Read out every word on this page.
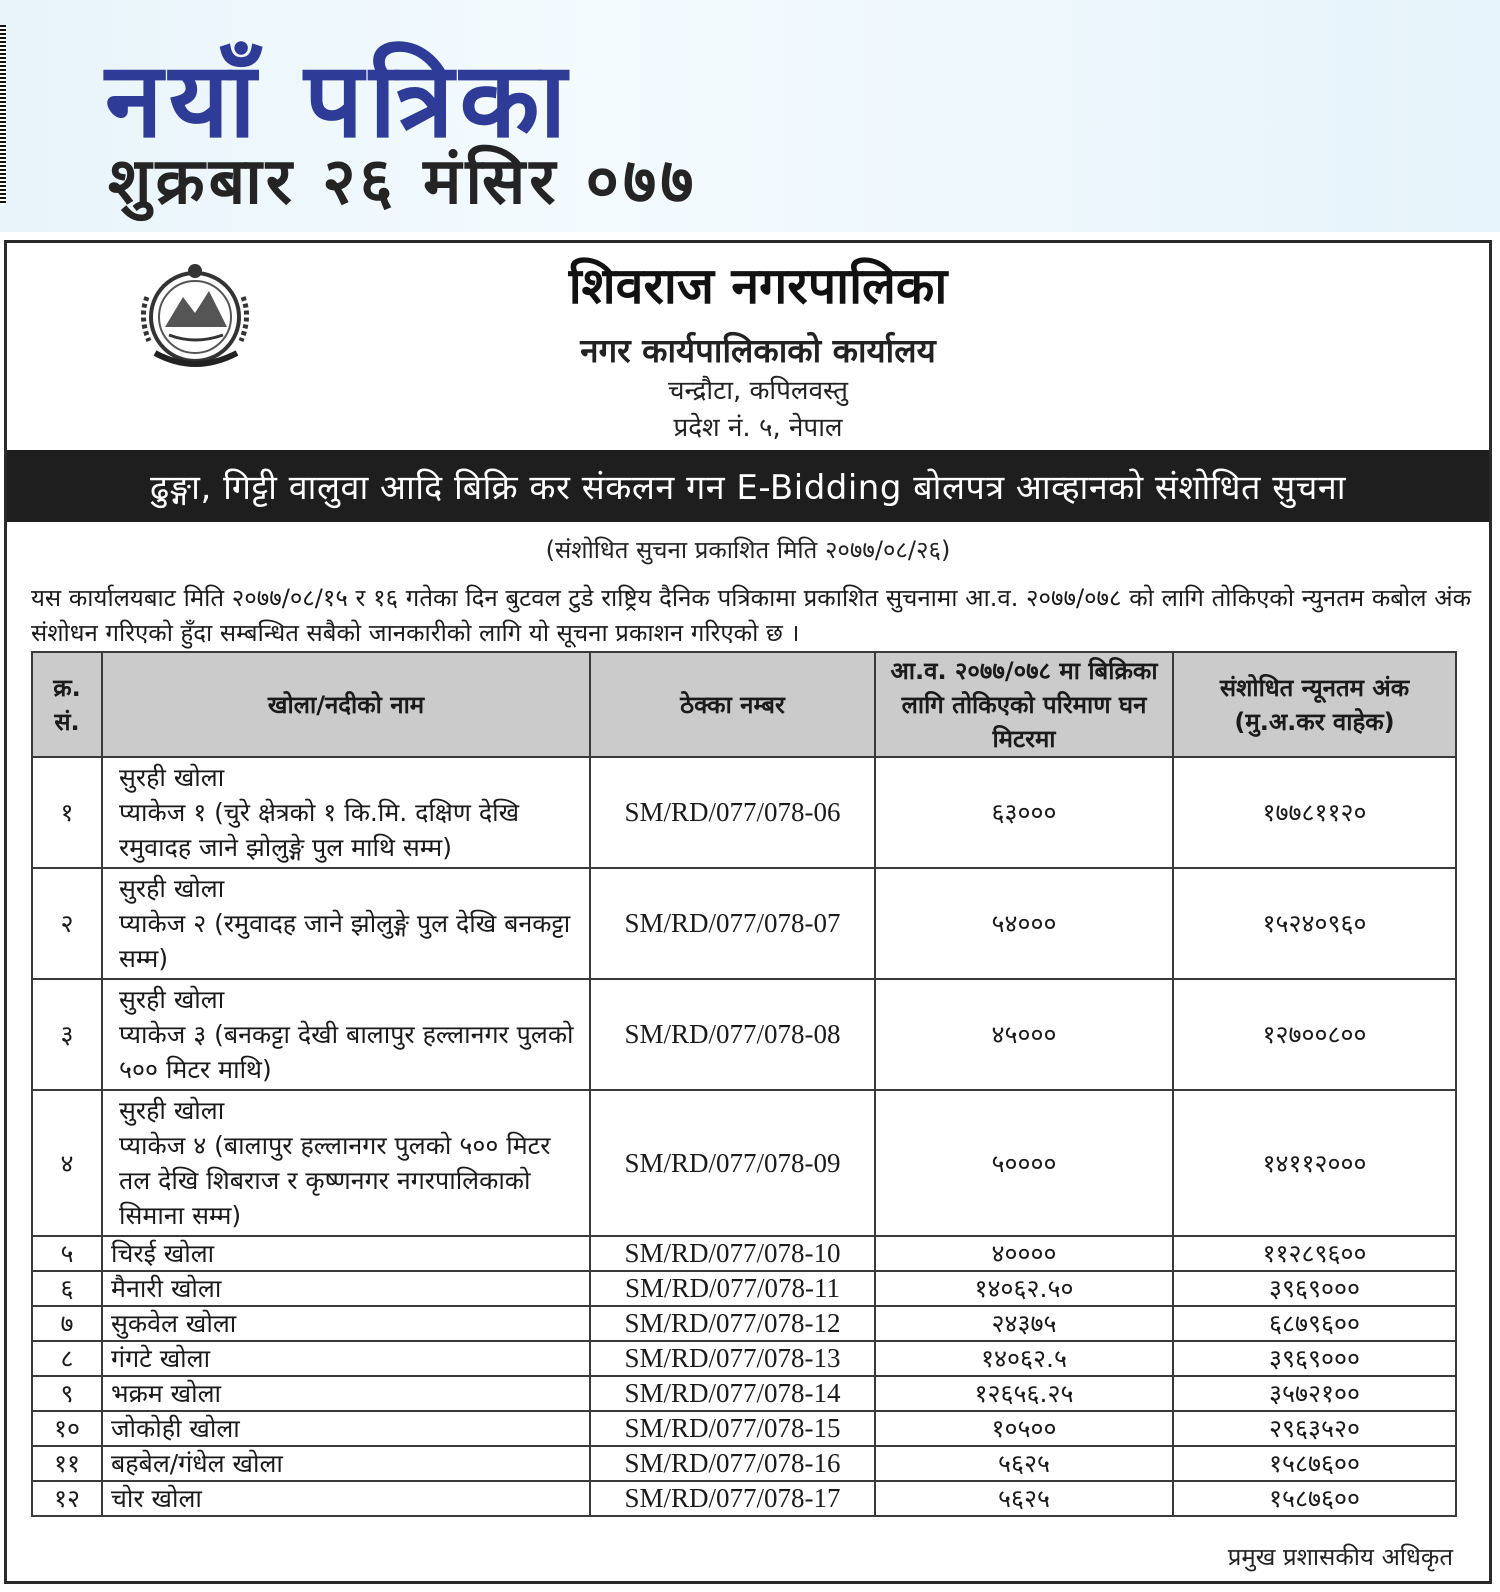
नयाँ पत्रिका
शुक्रबार २६ मंसिर ०७७
शिवराज नगरपालिका
नगर कार्यपालिकाको कार्यालय
चन्द्रौटा, कपिलवस्तु
प्रदेश नं. ५, नेपाल
ढुङ्गा, गिट्टी वालुवा आदि बिक्रि कर संकलन गन E-Bidding बोलपत्र आव्हानको संशोधित सुचना
(संशोधित सुचना प्रकाशित मिति २०७७/०८/२६)
यस कार्यालयबाट मिति २०७७/०८/१५ र १६ गतेका दिन बुटवल टुडे राष्ट्रिय दैनिक पत्रिकामा प्रकाशित सुचनामा आ.व. २०७७/०७८ को लागि तोकिएको न्युनतम कबोल अंक संशोधन गरिएको हुँदा सम्बन्धित सबैको जानकारीको लागि यो सूचना प्रकाशन गरिएको छ ।
क्र. सं.	खोला/नदीको नाम	ठेक्का नम्बर	आ.व. २०७७/०७८ मा बिक्रिका लागि तोकिएको परिमाण घन मिटरमा	संशोधित न्यूनतम अंक (मु.अ.कर वाहेक)
१	सुरही खोला
प्याकेज १ (चुरे क्षेत्रको १ कि.मि. दक्षिण देखि रमुवादह जाने झोलुङ्गे पुल माथि सम्म)	SM/RD/077/078-06	६३०००	१७७८११२०
२	सुरही खोला
प्याकेज २ (रमुवादह जाने झोलुङ्गे पुल देखि बनकट्टा सम्म)	SM/RD/077/078-07	५४०००	१५२४०९६०
३	सुरही खोला
प्याकेज ३ (बनकट्टा देखी बालापुर हल्लानगर पुलको ५०० मिटर माथि)	SM/RD/077/078-08	४५०००	१२७००८००
४	सुरही खोला
प्याकेज ४ (बालापुर हल्लानगर पुलको ५०० मिटर तल देखि शिबराज र कृष्णनगर नगरपालिकाको सिमाना सम्म)	SM/RD/077/078-09	५००००	१४११२०००
५	चिरई खोला	SM/RD/077/078-10	४००००	११२८९६००
६	मैनारी खोला	SM/RD/077/078-11	१४०६२.५०	३९६९०००
७	सुकवेल खोला	SM/RD/077/078-12	२४३७५	६८७९६००
८	गंगटे खोला	SM/RD/077/078-13	१४०६२.५	३९६९०००
९	भक्रम खोला	SM/RD/077/078-14	१२६५६.२५	३५७२१००
१०	जोकोही खोला	SM/RD/077/078-15	१०५००	२९६३५२०
११	बहबेल/गंधेल खोला	SM/RD/077/078-16	५६२५	१५८७६००
१२	चोर खोला	SM/RD/077/078-17	५६२५	१५८७६००
प्रमुख प्रशासकीय अधिकृत
